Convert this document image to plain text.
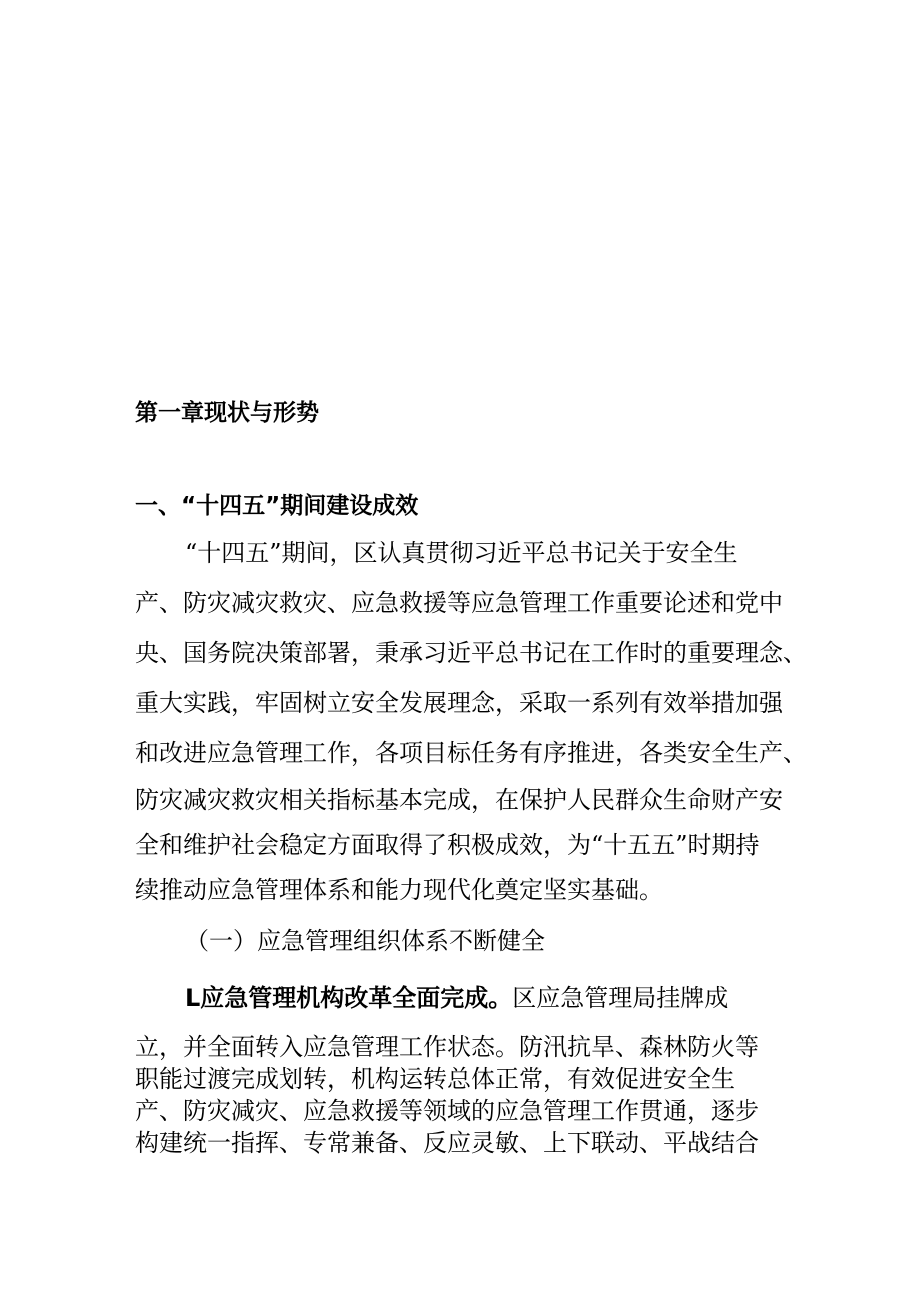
第一章现状与形势
一、“十四五”期间建设成效
“十四五”期间，区认真贯彻习近平总书记关于安全生
产、防灾减灾救灾、应急救援等应急管理工作重要论述和党中
央、国务院决策部署，秉承习近平总书记在工作时的重要理念、
重大实践，牢固树立安全发展理念，采取一系列有效举措加强
和改进应急管理工作，各项目标任务有序推进，各类安全生产、
防灾减灾救灾相关指标基本完成，在保护人民群众生命财产安
全和维护社会稳定方面取得了积极成效，为“十五五”时期持
续推动应急管理体系和能力现代化奠定坚实基础。
（一）应急管理组织体系不断健全
L应急管理机构改革全面完成。区应急管理局挂牌成
立，并全面转入应急管理工作状态。防汛抗旱、森林防火等
职能过渡完成划转，机构运转总体正常，有效促进安全生
产、防灾减灾、应急救援等领域的应急管理工作贯通，逐步
构建统一指挥、专常兼备、反应灵敏、上下联动、平战结合
